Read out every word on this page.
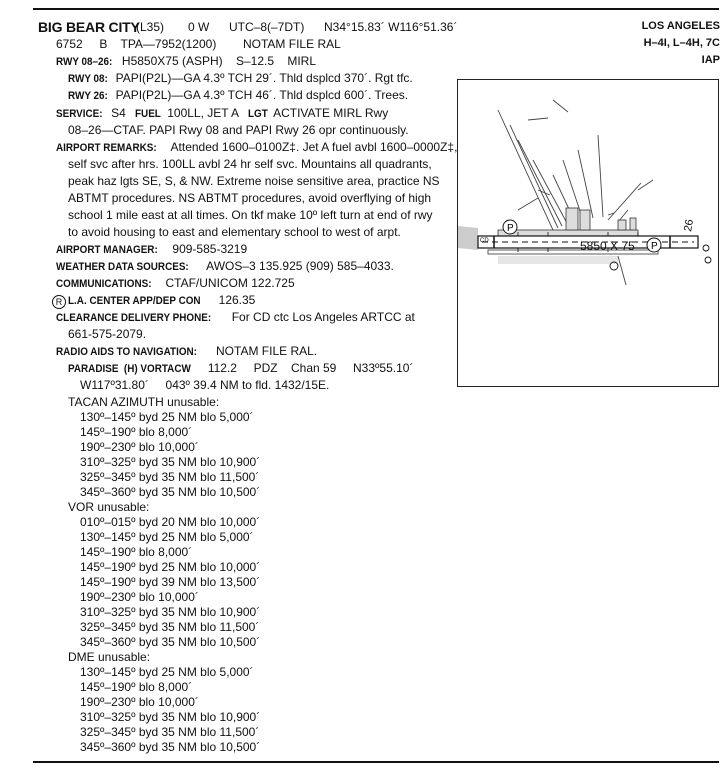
BIG BEAR CITY
(L35) 0 W UTC–8(–7DT) N34°15.83´ W116°51.36´
6752     B    TPA—7952(1200)        NOTAM FILE RAL
LOS ANGELES
H–4I, L–4H, 7C
IAP
RWY 08–26: H5850X75 (ASPH)    S–12.5    MIRL
RWY 08: PAPI(P2L)—GA 4.3º TCH 29´. Thld dsplcd 370´. Rgt tfc.
RWY 26: PAPI(P2L)—GA 4.3º TCH 46´. Thld dsplcd 600´. Trees.
SERVICE: S4 FUEL 100LL, JET A LGT ACTIVATE MIRL Rwy
08–26—CTAF. PAPI Rwy 08 and PAPI Rwy 26 opr continuously.
AIRPORT REMARKS: Attended 1600–0100Z‡. Jet A fuel avbl 1600–0000Z‡,
self svc after hrs. 100LL avbl 24 hr self svc. Mountains all quadrants,
peak haz lgts SE, S, & NW. Extreme noise sensitive area, practice NS
ABTMT procedures. NS ABTMT procedures, avoid overflying of high
school 1 mile east at all times. On tkf make 10º left turn at end of rwy
to avoid housing to east and elementary school to west of arpt.
AIRPORT MANAGER: 909-585-3219
WEATHER DATA SOURCES: AWOS–3 135.925 (909) 585–4033.
COMMUNICATIONS: CTAF/UNICOM 122.725
R L.A. CENTER APP/DEP CON 126.35
CLEARANCE DELIVERY PHONE: For CD ctc Los Angeles ARTCC at
661-575-2079.
RADIO AIDS TO NAVIGATION: NOTAM FILE RAL.
PARADISE  (H) VORTACW 112.2     PDZ    Chan 59     N33º55.10´
W117º31.80´     043º 39.4 NM to fld. 1432/15E.
TACAN AZIMUTH unusable:
130º–145º byd 25 NM blo 5,000´
145º–190º blo 8,000´
190º–230º blo 10,000´
310º–325º byd 35 NM blo 10,900´
325º–345º byd 35 NM blo 11,500´
345º–360º byd 35 NM blo 10,500´
VOR unusable:
010º–015º byd 20 NM blo 10,000´
130º–145º byd 25 NM blo 5,000´
145º–190º blo 8,000´
145º–190º byd 25 NM blo 10,000´
145º–190º byd 39 NM blo 13,500´
190º–230º blo 10,000´
310º–325º byd 35 NM blo 10,900´
325º–345º byd 35 NM blo 11,500´
345º–360º byd 35 NM blo 10,500´
DME unusable:
130º–145º byd 25 NM blo 5,000´
145º–190º blo 8,000´
190º–230º blo 10,000´
310º–325º byd 35 NM blo 10,900´
325º–345º byd 35 NM blo 11,500´
345º–360º byd 35 NM blo 10,500´
P
P
5850 X 75
26
CD
